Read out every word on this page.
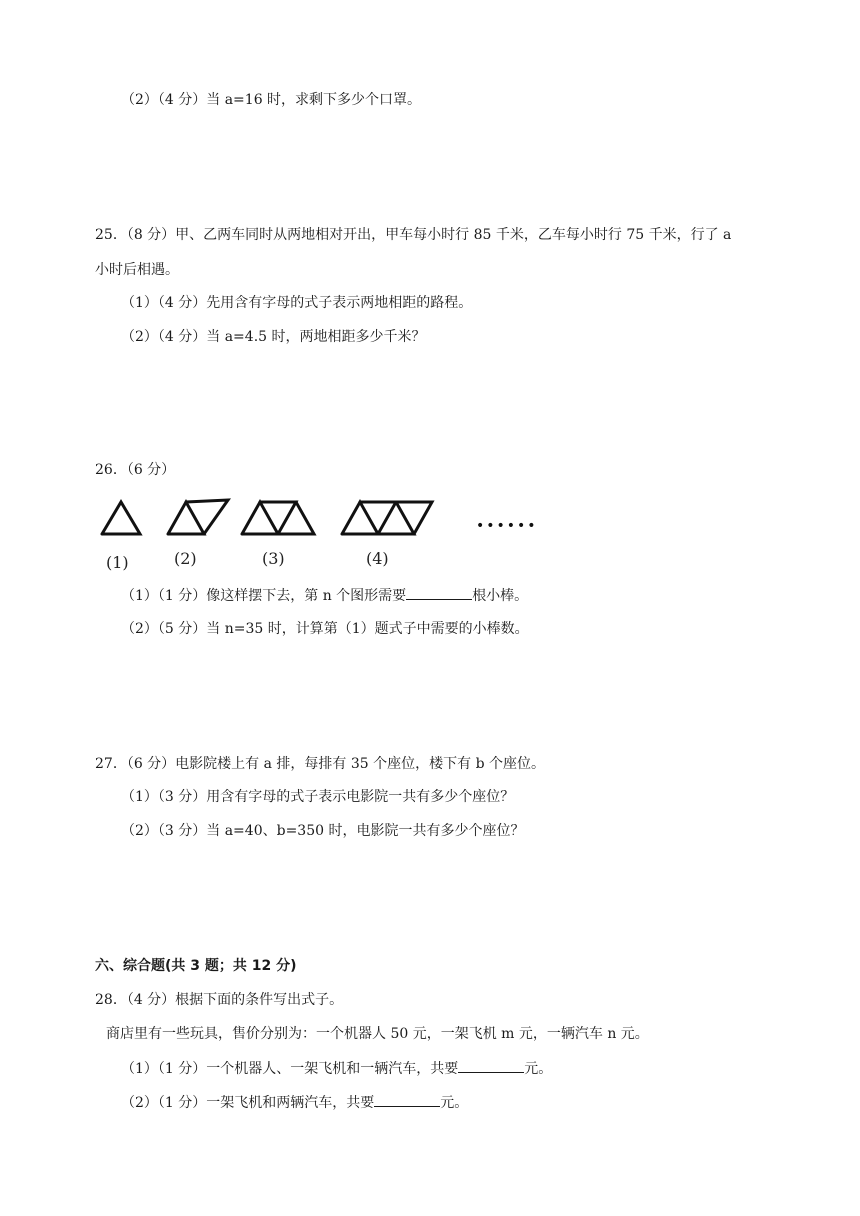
（2）（4 分）当 a=16 时，求剩下多少个口罩。
25．（8 分）甲、乙两车同时从两地相对开出，甲车每小时行 85 千米，乙车每小时行 75 千米，行了 a
小时后相遇。
（1）（4 分）先用含有字母的式子表示两地相距的路程。
（2）（4 分）当 a=4.5 时，两地相距多少千米？
26．（6 分）
(1)	(2)	(3)	(4)
••••••
（1）（1 分）像这样摆下去，第 n 个图形需要	根小棒。
（2）（5 分）当 n=35 时，计算第（1）题式子中需要的小棒数。
27．（6 分）电影院楼上有 a 排，每排有 35 个座位，楼下有 b 个座位。
（1）（3 分）用含有字母的式子表示电影院一共有多少个座位？
（2）（3 分）当 a=40、b=350 时，电影院一共有多少个座位？
六、综合题(共 3 题；共 12 分)
28．（4 分）根据下面的条件写出式子。
商店里有一些玩具，售价分别为：一个机器人 50 元，一架飞机 m 元，一辆汽车 n 元。
（1）（1 分）一个机器人、一架飞机和一辆汽车，共要	元。
（2）（1 分）一架飞机和两辆汽车，共要	元。
